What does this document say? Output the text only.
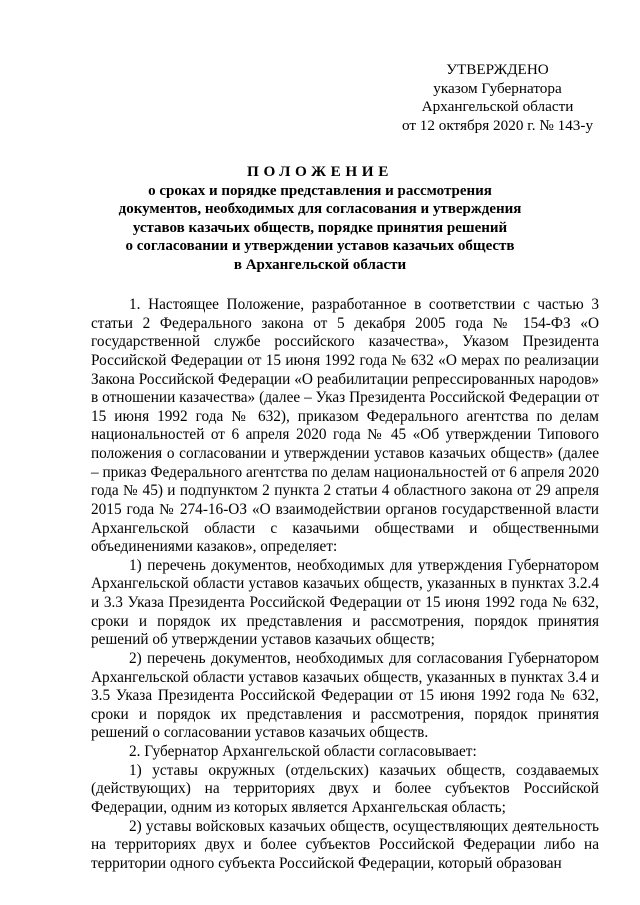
УТВЕРЖДЕНО
указом Губернатора
Архангельской области
от 12 октября 2020 г. № 143-у
ПОЛОЖЕНИЕ
о сроках и порядке представления и рассмотрения
документов, необходимых для согласования и утверждения
уставов казачьих обществ, порядке принятия решений
о согласовании и утверждении уставов казачьих обществ
в Архангельской области

1. Настоящее Положение, разработанное в соответствии с частью 3 статьи 2 Федерального закона от 5 декабря 2005 года № 154-ФЗ «О государственной службе российского казачества», Указом Президента Российской Федерации от 15 июня 1992 года № 632 «О мерах по реализации Закона Российской Федерации «О реабилитации репрессированных народов» в отношении казачества» (далее – Указ Президента Российской Федерации от 15 июня 1992 года № 632), приказом Федерального агентства по делам национальностей от 6 апреля 2020 года № 45 «Об утверждении Типового положения о согласовании и утверждении уставов казачьих обществ» (далее – приказ Федерального агентства по делам национальностей от 6 апреля 2020 года № 45) и подпунктом 2 пункта 2 статьи 4 областного закона от 29 апреля 2015 года № 274-16-ОЗ «О взаимодействии органов государственной власти Архангельской области с казачьими обществами и общественными объединениями казаков», определяет:

1) перечень документов, необходимых для утверждения Губернатором Архангельской области уставов казачьих обществ, указанных в пунктах 3.2.4 и 3.3 Указа Президента Российской Федерации от 15 июня 1992 года № 632, сроки и порядок их представления и рассмотрения, порядок принятия решений об утверждении уставов казачьих обществ;

2) перечень документов, необходимых для согласования Губернатором Архангельской области уставов казачьих обществ, указанных в пунктах 3.4 и 3.5 Указа Президента Российской Федерации от 15 июня 1992 года № 632, сроки и порядок их представления и рассмотрения, порядок принятия решений о согласовании уставов казачьих обществ.

2. Губернатор Архангельской области согласовывает:

1) уставы окружных (отдельских) казачьих обществ, создаваемых (действующих) на территориях двух и более субъектов Российской Федерации, одним из которых является Архангельская область;

2) уставы войсковых казачьих обществ, осуществляющих деятельность на территориях двух и более субъектов Российской Федерации либо на территории одного субъекта Российской Федерации, который образован
